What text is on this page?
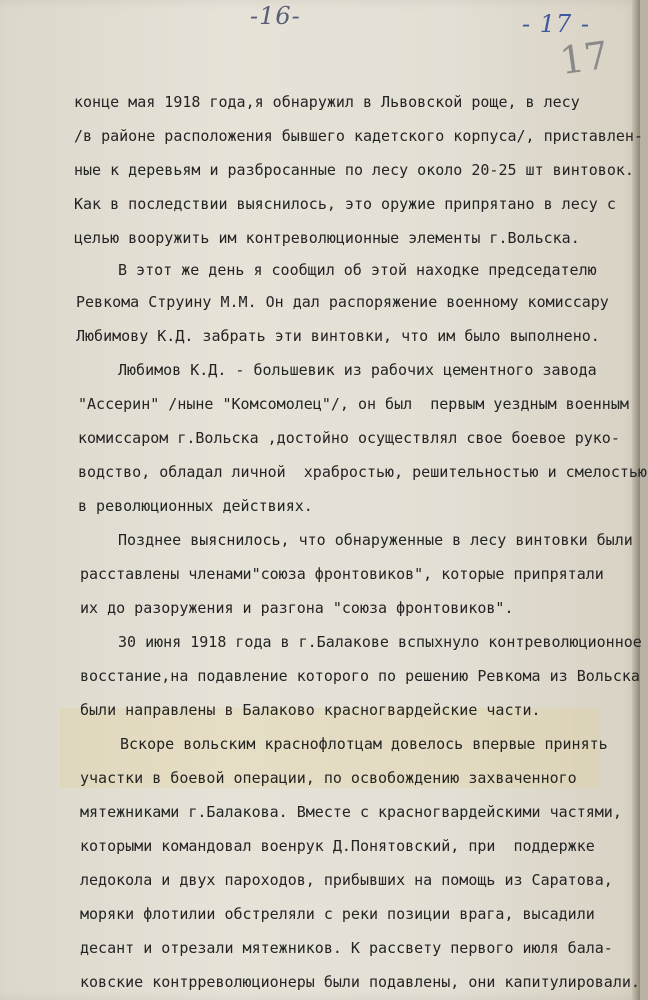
-16-	- 17 -
17

конце мая 1918 года,я обнаружил в Львовской роще, в лесу

/в районе расположения бывшего кадетского корпуса/, приставлен-

ные к деревьям и разбросанные по лесу около 20-25 шт винтовок.

Как в последствии выяснилось, это оружие припрятано в лесу с

целью вооружить им контреволюционные элементы г.Вольска.

В этот же день я сообщил об этой находке председателю

Ревкома Струину М.М. Он дал распоряжение военному комиссару

Любимову К.Д. забрать эти винтовки, что им было выполнено.

Любимов К.Д. - большевик из рабочих цементного завода

"Ассерин" /ныне "Комсомолец"/, он был  первым уездным военным

комиссаром г.Вольска ,достойно осуществлял свое боевое руко-

водство, обладал личной  храбростью, решительностью и смелостью

в революционных действиях.

Позднее выяснилось, что обнаруженные в лесу винтовки были

расставлены членами"союза фронтовиков", которые припрятали

их до разоружения и разгона "союза фронтовиков".

30 июня 1918 года в г.Балакове вспыхнуло контреволюционное

восстание,на подавление которого по решению Ревкома из Вольска

были направлены в Балаково красногвардейские части.

Вскоре вольским краснофлотцам довелось впервые принять

участки в боевой операции, по освобождению захваченного

мятежниками г.Балакова. Вместе с красногвардейскими частями,

которыми командовал военрук Д.Понятовский, при  поддержке

ледокола и двух пароходов, прибывших на помощь из Саратова,

моряки флотилии обстреляли с реки позиции врага, высадили

десант и отрезали мятежников. К рассвету первого июля бала-

ковские контрреволюционеры были подавлены, они капитулировали.
